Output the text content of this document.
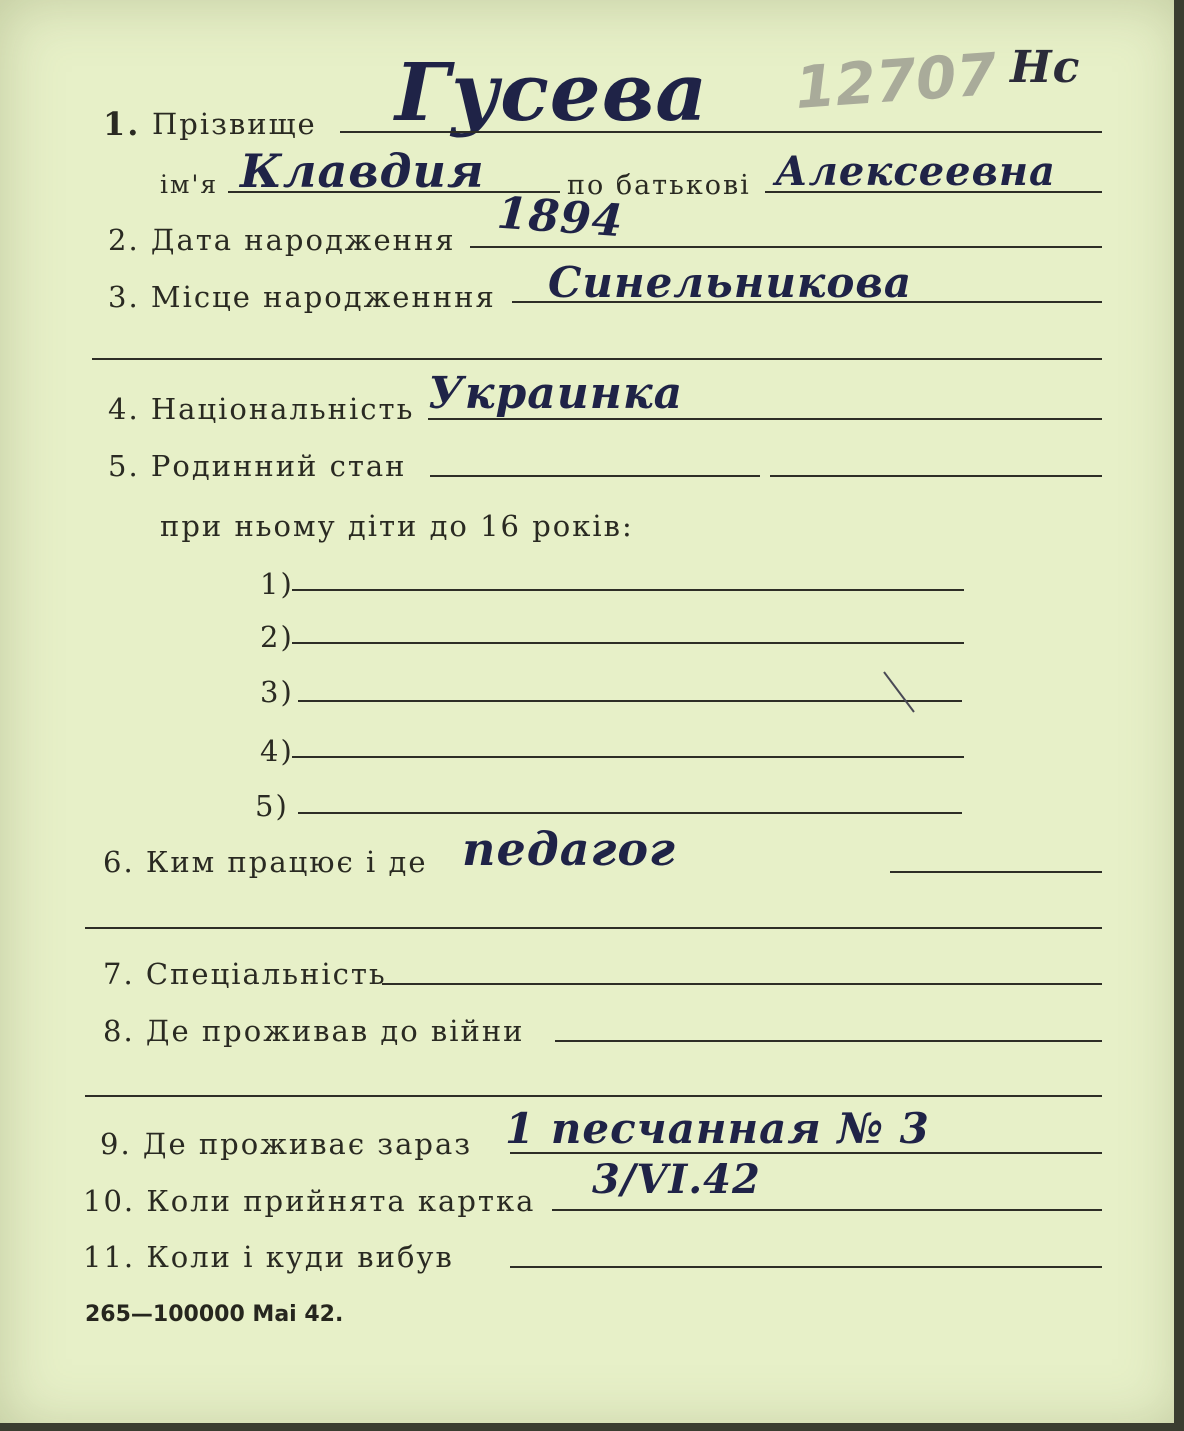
12707 Нс
1. Прізвище Гусева
ім'я Клавдия	по батькові Алексеевна
2. Дата народження 1894
3. Місце народженння Синельникова
4. Національність Украинка
5. Родинний стан
при ньому діти до 16 років:
1)
2)
3)
4)
5)
6. Ким працює і де педагог
7. Спеціальність
8. Де проживав до війни
9. Де проживає зараз 1 песчанная № 3
10. Коли прийнята картка 3/VI.42
11. Коли і куди вибув
265—100000 Маі 42.
